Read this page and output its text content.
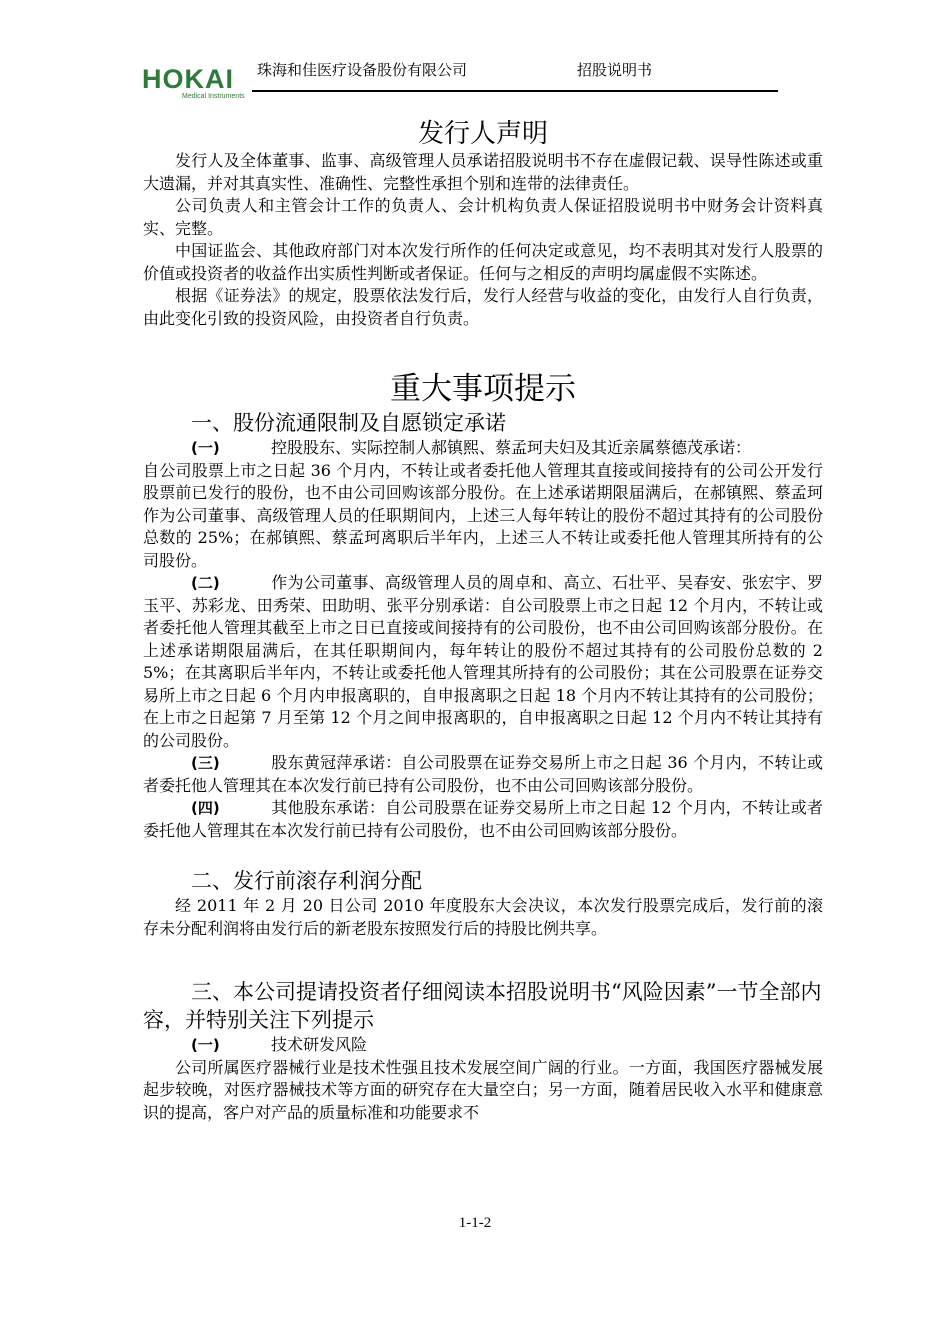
HOKAI
Medical Instruments
珠海和佳医疗设备股份有限公司	招股说明书
发行人声明

发行人及全体董事、监事、高级管理人员承诺招股说明书不存在虚假记载、误导性陈述或重大遗漏，并对其真实性、准确性、完整性承担个别和连带的法律责任。

公司负责人和主管会计工作的负责人、会计机构负责人保证招股说明书中财务会计资料真实、完整。

中国证监会、其他政府部门对本次发行所作的任何决定或意见，均不表明其对发行人股票的价值或投资者的收益作出实质性判断或者保证。任何与之相反的声明均属虚假不实陈述。

根据《证券法》的规定，股票依法发行后，发行人经营与收益的变化，由发行人自行负责，由此变化引致的投资风险，由投资者自行负责。

重大事项提示
一、股份流通限制及自愿锁定承诺

(一)	控股股东、实际控制人郝镇熙、蔡孟珂夫妇及其近亲属蔡德茂承诺：

自公司股票上市之日起 36 个月内，不转让或者委托他人管理其直接或间接持有的公司公开发行股票前已发行的股份，也不由公司回购该部分股份。在上述承诺期限届满后，在郝镇熙、蔡孟珂作为公司董事、高级管理人员的任职期间内，上述三人每年转让的股份不超过其持有的公司股份总数的 25%；在郝镇熙、蔡孟珂离职后半年内，上述三人不转让或委托他人管理其所持有的公司股份。

(二)	作为公司董事、高级管理人员的周卓和、高立、石壮平、吴春安、张宏宇、罗玉平、苏彩龙、田秀荣、田助明、张平分别承诺：自公司股票上市之日起 12 个月内，不转让或者委托他人管理其截至上市之日已直接或间接持有的公司股份，也不由公司回购该部分股份。在上述承诺期限届满后，在其任职期间内，每年转让的股份不超过其持有的公司股份总数的 25%；在其离职后半年内，不转让或委托他人管理其所持有的公司股份；其在公司股票在证券交易所上市之日起 6 个月内申报离职的，自申报离职之日起 18 个月内不转让其持有的公司股份；在上市之日起第 7 月至第 12 个月之间申报离职的，自申报离职之日起 12 个月内不转让其持有的公司股份。

(三)	股东黄冠萍承诺：自公司股票在证券交易所上市之日起 36 个月内，不转让或者委托他人管理其在本次发行前已持有公司股份，也不由公司回购该部分股份。

(四)	其他股东承诺：自公司股票在证券交易所上市之日起 12 个月内，不转让或者委托他人管理其在本次发行前已持有公司股份，也不由公司回购该部分股份。

二、发行前滚存利润分配

经 2011 年 2 月 20 日公司 2010 年度股东大会决议，本次发行股票完成后，发行前的滚存未分配利润将由发行后的新老股东按照发行后的持股比例共享。

三、本公司提请投资者仔细阅读本招股说明书“风险因素”一节全部内容，并特别关注下列提示

(一)	技术研发风险

公司所属医疗器械行业是技术性强且技术发展空间广阔的行业。一方面，我国医疗器械发展起步较晚，对医疗器械技术等方面的研究存在大量空白；另一方面，随着居民收入水平和健康意识的提高，客户对产品的质量标准和功能要求不

1-1-2
